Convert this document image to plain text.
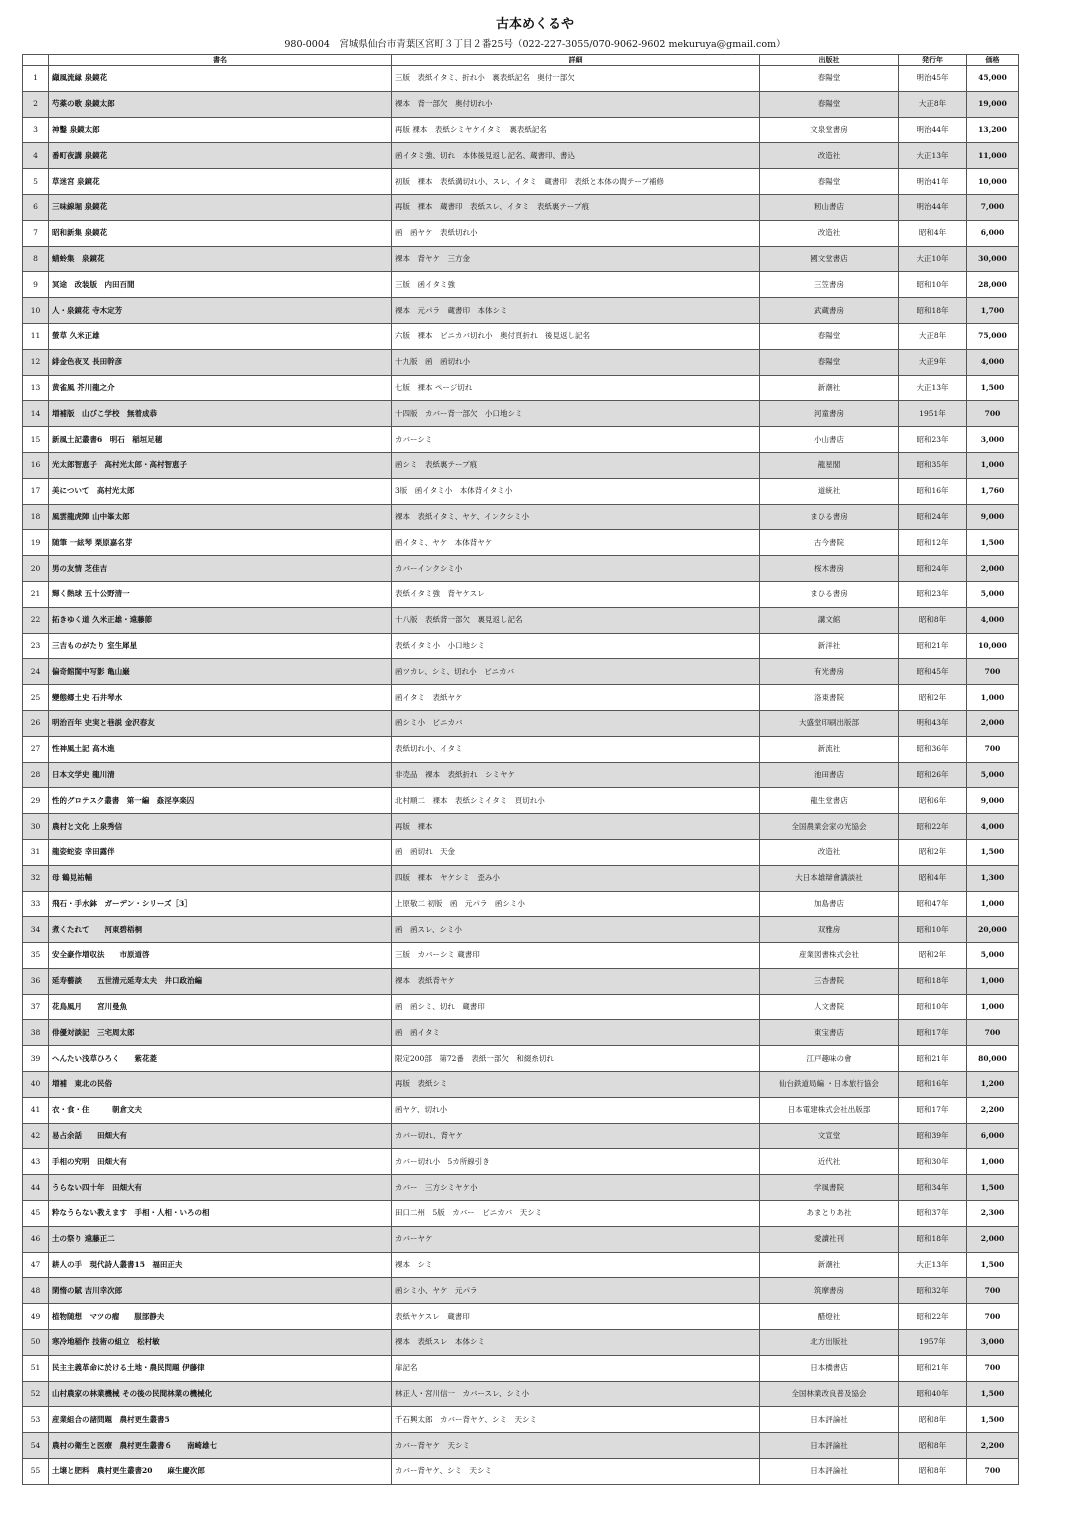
古本めくるや
980-0004　宮城県仙台市青葉区宮町３丁目２番25号（022-227-3055/070-9062-9602 mekuruya@gmail.com）
	書名	詳細	出版社	発行年	価格
1	纈風流縁 泉鏡花	三版　表紙イタミ、折れ小　裏表紙記名　奥付一部欠	春陽堂	明治45年	45,000
2	芍薬の歌 泉鏡太郎	裸本　背一部欠　奥付切れ小	春陽堂	大正8年	19,000
3	神鑿 泉鏡太郎	再版 裸本　表紙シミヤケイタミ　裏表紙記名	文泉堂書房	明治44年	13,200
4	番町夜講 泉鏡花	函イタミ強、切れ　本体後見返し記名、蔵書印、書込	改造社	大正13年	11,000
5	草迷宮 泉鏡花	初版　裸本　表紙溝切れ小、スレ、イタミ　蔵書印　表紙と本体の間テープ補修	春陽堂	明治41年	10,000
6	三味線堀 泉鏡花	再版　裸本　蔵書印　表紙スレ、イタミ　表紙裏テープ痕	籾山書店	明治44年	7,000
7	昭和新集 泉鏡花	函　函ヤケ　表紙切れ小	改造社	昭和4年	6,000
8	蜻蛉集　泉鏡花	裸本　背ヤケ　三方金	國文堂書店	大正10年	30,000
9	冥途　改装版　内田百閒	三版　函イタミ強	三笠書房	昭和10年	28,000
10	人・泉鏡花 寺木定芳	裸本　元パラ　蔵書印　本体シミ	武蔵書房	昭和18年	1,700
11	螢草 久米正雄	六版　裸本　ビニカバ切れ小　奥付頁折れ　後見返し記名	春陽堂	大正8年	75,000
12	緋金色夜叉 長田幹彦	十九版　函　函切れ小	春陽堂	大正9年	4,000
13	黄雀風 芥川龍之介	七版　裸本 ページ切れ	新潮社	大正13年	1,500
14	増補版　山びこ学校　無着成恭	十四版　カバー背一部欠　小口地シミ	河童書房	1951年	700
15	新風土記叢書6　明石　稲垣足穂	カバーシミ	小山書店	昭和23年	3,000
16	光太郎智恵子　高村光太郎・高村智恵子	函シミ　表紙裏テープ痕	龍星閣	昭和35年	1,000
17	美について　高村光太郎	3版　函イタミ小　本体背イタミ小	道統社	昭和16年	1,760
18	風雲龍虎陣 山中峯太郎	裸本　表紙イタミ、ヤケ、インクシミ小	まひる書房	昭和24年	9,000
19	随筆 一絃琴 栗原嘉名芽	函イタミ、ヤケ　本体背ヤケ	古今書院	昭和12年	1,500
20	男の友情 芝佳吉	カバーインクシミ小	桜木書房	昭和24年	2,000
21	輝く熱球 五十公野清一	表紙イタミ強　背ヤケスレ	まひる書房	昭和23年	5,000
22	拓きゆく道 久米正雄・遠藤節	十八版　表紙背一部欠　裏見返し記名	講文館	昭和8年	4,000
23	三吉ものがたり 室生犀星	表紙イタミ小　小口地シミ	新洋社	昭和21年	10,000
24	偏奇館閨中写影 亀山巌	函ツカレ、シミ、切れ小　ビニカバ	有光書房	昭和45年	700
25	變態郷土史 石井琴水	函イタミ　表紙ヤケ	洛東書院	昭和2年	1,000
26	明治百年 史実と巷説 金沢春友	函シミ小　ビニカバ	大盛堂印刷出版部	明和43年	2,000
27	性神風土記 高木進	表紙切れ小、イタミ	新流社	昭和36年	700
28	日本文学史 龍川清	非売品　裸本　表紙折れ　シミヤケ	池田書店	昭和26年	5,000
29	性的グロテスク叢書　第一編　姦淫享楽囚	北村順二　裸本　表紙シミイタミ　頁切れ小	龍生堂書店	昭和6年	9,000
30	農村と文化 上泉秀信	再版　裸本	全国農業会家の光協会	昭和22年	4,000
31	龍姿蛇姿 幸田露伴	函　函切れ　天金	改造社	昭和2年	1,500
32	母 鶴見祐輔	四版　裸本　ヤケシミ　歪み小	大日本雄辯會講談社	昭和4年	1,300
33	飛石・手水鉢　ガーデン・シリーズ［3］	上原敬二 初版　函　元パラ　函シミ小	加島書店	昭和47年	1,000
34	煮くたれて　　河東碧梧桐	函　函スレ、シミ小	双雅房	昭和10年	20,000
35	安全豪作増収法　　市原道啓	三版　カバーシミ 蔵書印	産業図書株式会社	昭和2年	5,000
36	延寿藝談　　五世清元延寿太夫　井口政治編	裸本　表紙背ヤケ	三杏書院	昭和18年	1,000
37	花鳥風月　　宮川曼魚	函　函シミ、切れ　蔵書印	人文書院	昭和10年	1,000
38	俳優対談記　三宅周太郎	函　函イタミ	東宝書店	昭和17年	700
39	へんたい浅草ひろく　　紫花菱	限定200部　第72番　表紙一部欠　和綴糸切れ	江戸趣味の會	昭和21年	80,000
40	増補　東北の民俗	再版　表紙シミ	仙台鉄道局編 ・日本旅行協会	昭和16年	1,200
41	衣・食・住　　　朝倉文夫	函ヤケ、切れ小	日本電建株式会社出版部	昭和17年	2,200
42	易占余話　　田畑大有	カバー切れ、背ヤケ	文宣堂	昭和39年	6,000
43	手相の究明　田畑大有	カバー切れ小　5カ所線引き	近代社	昭和30年	1,000
44	うらない四十年　田畑大有	カバー　三方シミヤケ小	学風書院	昭和34年	1,500
45	粋なうらない教えます　手相・人相・いろの相	田口二州　5版　カバー　ビニカバ　天シミ	あまとりあ社	昭和37年	2,300
46	土の祭り 遠藤正二	カバーヤケ	愛讀社刊	昭和18年	2,000
47	耕人の手　現代詩人叢書15　福田正夫	裸本　シミ	新潮社	大正13年	1,500
48	閑惰の賦 吉川幸次郎	函シミ小、ヤケ　元パラ	筑摩書房	昭和32年	700
49	植物随想　マツの瘤　　服部静夫	表紙ヤケスレ　蔵書印	醋燈社	昭和22年	700
50	寒冷地稲作 技術の組立　松村敏	裸本　表紙スレ　本体シミ	北方出版社	1957年	3,000
51	民主主義革命に於ける土地・農民問題 伊藤律	扉記名	日本橋書店	昭和21年	700
52	山村農家の林業機械 その後の民間林業の機械化	林正人・宮川信一　カバースレ、シミ小	全国林業改良普及協会	昭和40年	1,500
53	産業組合の諸問題　農村更生叢書5	千石興太郎　カバー背ヤケ、シミ　天シミ	日本評論社	昭和8年	1,500
54	農村の衛生と医療　農村更生叢書６　　南崎雄七	カバー背ヤケ　天シミ	日本評論社	昭和8年	2,200
55	土壌と肥料　農村更生叢書20　　麻生慶次郎	カバー背ヤケ、シミ　天シミ	日本評論社	昭和8年	700
